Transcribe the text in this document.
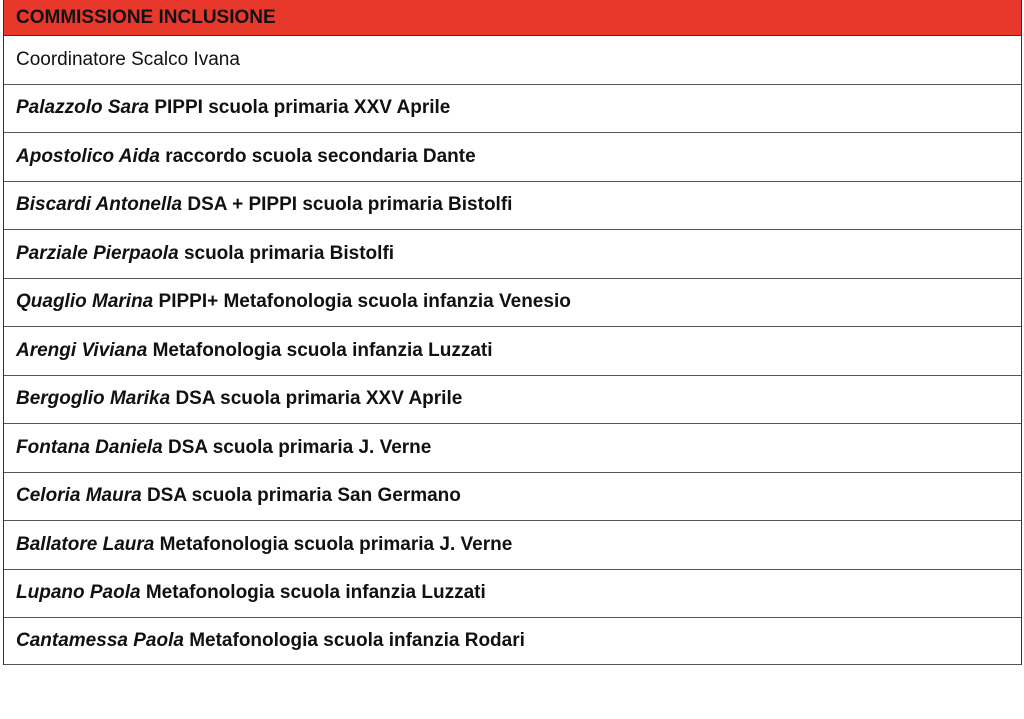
COMMISSIONE INCLUSIONE
Coordinatore Scalco Ivana
Palazzolo Sara
PIPPI scuola primaria XXV Aprile
Apostolico Aida
raccordo scuola secondaria Dante
Biscardi Antonella
DSA + PIPPI scuola primaria Bistolfi
Parziale Pierpaola
scuola primaria Bistolfi
Quaglio Marina
PIPPI+ Metafonologia scuola infanzia Venesio
Arengi Viviana
Metafonologia scuola infanzia Luzzati
Bergoglio Marika
DSA scuola primaria XXV Aprile
Fontana Daniela
DSA scuola primaria J. Verne
Celoria Maura
DSA scuola primaria San Germano
Ballatore Laura
Metafonologia scuola primaria J. Verne
Lupano Paola
Metafonologia scuola infanzia Luzzati
Cantamessa Paola
Metafonologia scuola infanzia Rodari
